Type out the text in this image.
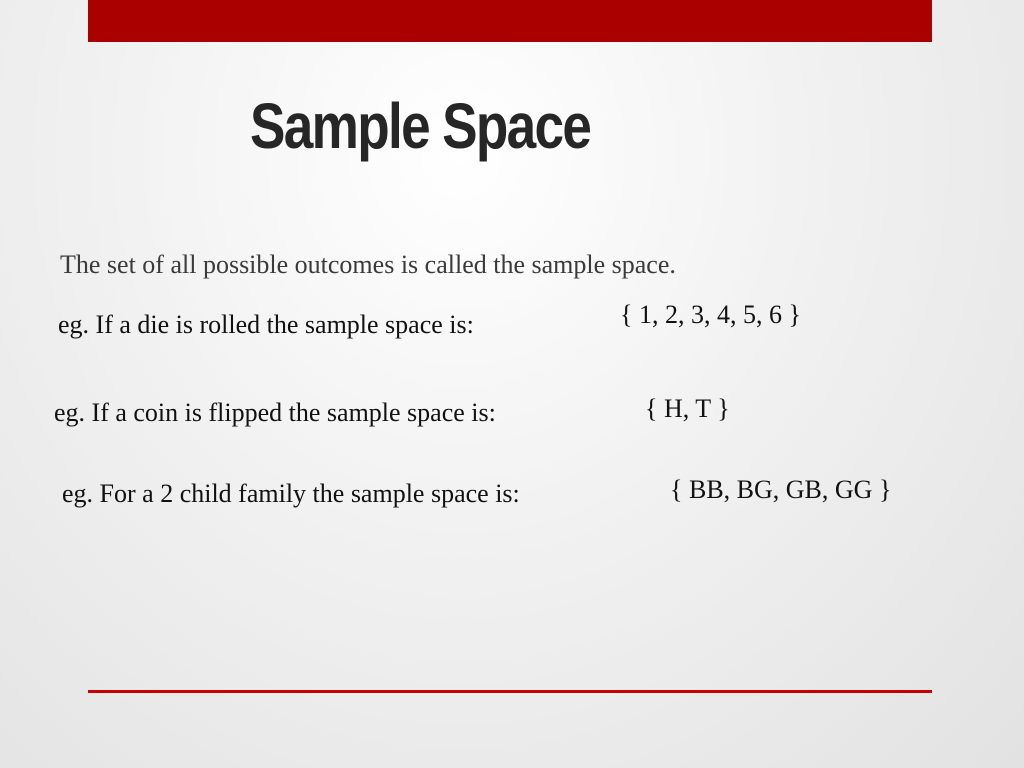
Sample Space

The set of all possible outcomes is called the sample space.

eg. If a die is rolled the sample space is:	{ 1, 2, 3, 4, 5, 6 }

eg. If a coin is flipped the sample space is:	{ H, T }

eg. For a 2 child family the sample space is:	{ BB, BG, GB, GG }
